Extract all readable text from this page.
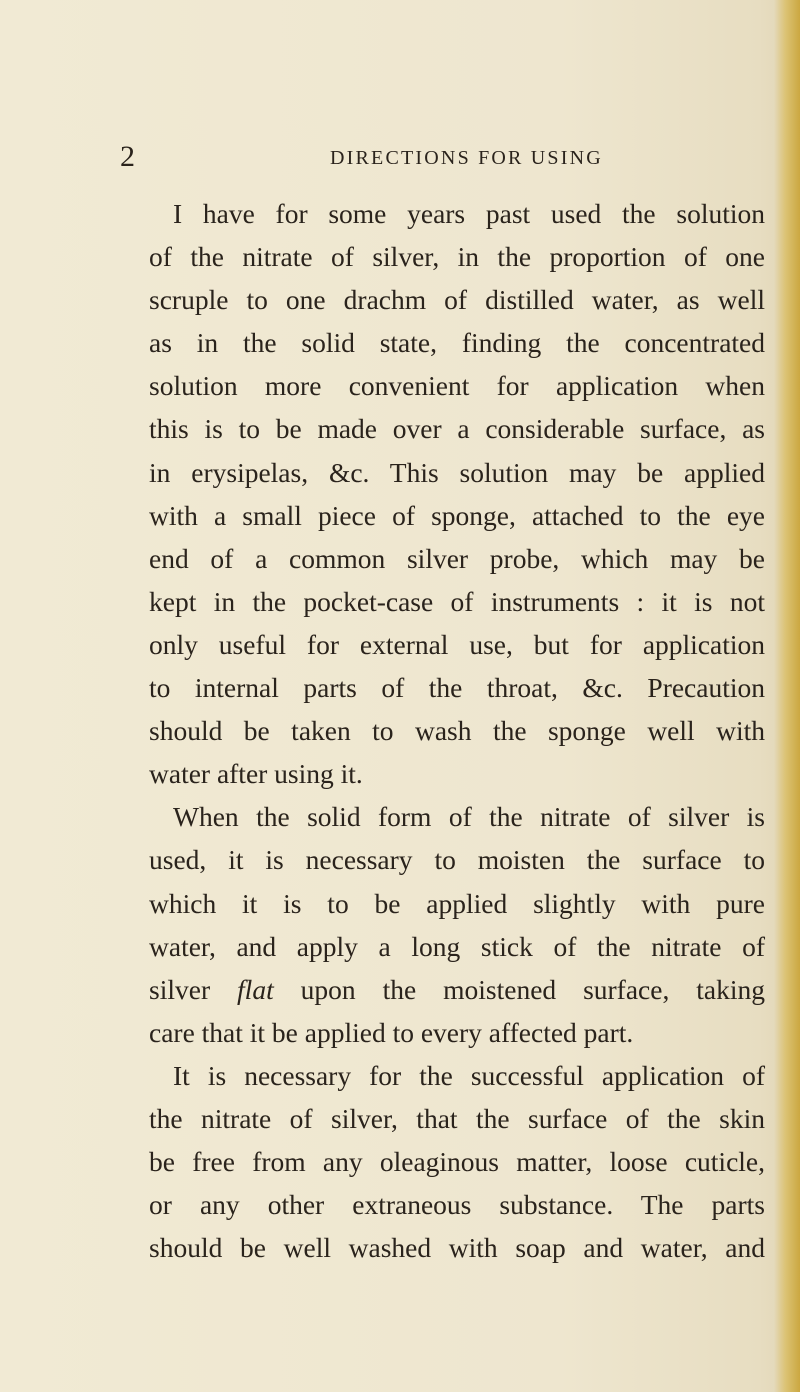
2	DIRECTIONS FOR USING
I have for some years past used the solution
of the nitrate of silver, in the proportion of one
scruple to one drachm of distilled water, as well
as in the solid state, finding the concentrated
solution more convenient for application when
this is to be made over a considerable surface, as
in erysipelas, &c. This solution may be applied
with a small piece of sponge, attached to the eye
end of a common silver probe, which may be
kept in the pocket-case of instruments : it is not
only useful for external use, but for application
to internal parts of the throat, &c. Precaution
should be taken to wash the sponge well with
water after using it.
When the solid form of the nitrate of silver is
used, it is necessary to moisten the surface to
which it is to be applied slightly with pure
water, and apply a long stick of the nitrate of
silver flat upon the moistened surface, taking
care that it be applied to every affected part.
It is necessary for the successful application of
the nitrate of silver, that the surface of the skin
be free from any oleaginous matter, loose cuticle,
or any other extraneous substance. The parts
should be well washed with soap and water, and
